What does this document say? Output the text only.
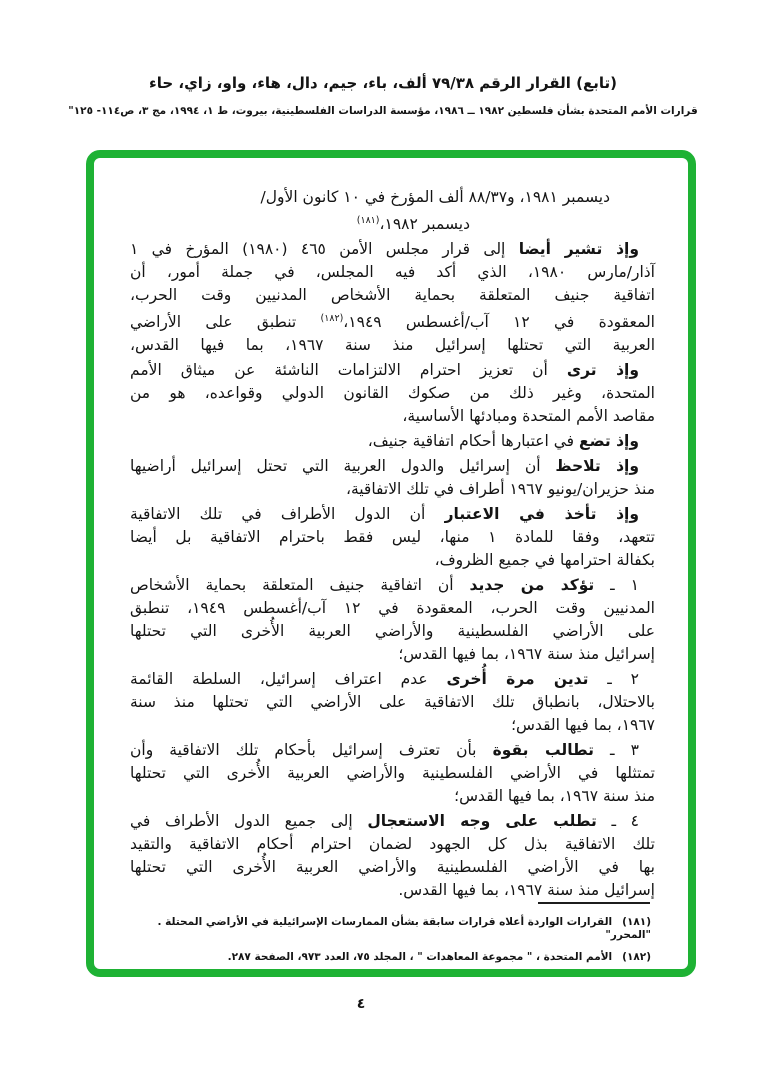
(تابع) القرار الرقم ٧٩/٣٨ ألف، باء، جيم، دال، هاء، واو، زاي، حاء
قرارات الأمم المتحدة بشأن فلسطين ١٩٨٢ ــ ١٩٨٦، مؤسسة الدراسات الفلسطينية، بيروت، ط ١، ١٩٩٤، مج ٣، ص١١٤- ١٢٥"
ديسمبر ١٩٨١، و٨٨/٣٧ ألف المؤرخ في ١٠ كانون الأول/
ديسمبر ١٩٨٢،$^{(١٨١)}$
وإذ تشير أيضا إلى قرار مجلس الأمن ٤٦٥ (١٩٨٠) المؤرخ في ١
آذار/مارس ١٩٨٠، الذي أكد فيه المجلس، في جملة أمور، أن
اتفاقية جنيف المتعلقة بحماية الأشخاص المدنيين وقت الحرب،
المعقودة في ١٢ آب/أغسطس ١٩٤٩،$^{(١٨٢)}$ تنطبق على الأراضي
العربية التي تحتلها إسرائيل منذ سنة ١٩٦٧، بما فيها القدس،
وإذ ترى أن تعزيز احترام الالتزامات الناشئة عن ميثاق الأمم
المتحدة، وغير ذلك من صكوك القانون الدولي وقواعده، هو من
مقاصد الأمم المتحدة ومبادئها الأساسية،
وإذ تضع في اعتبارها أحكام اتفاقية جنيف،
وإذ تلاحظ أن إسرائيل والدول العربية التي تحتل إسرائيل أراضيها
منذ حزيران/يونيو ١٩٦٧ أطراف في تلك الاتفاقية،
وإذ تأخذ في الاعتبار أن الدول الأطراف في تلك الاتفاقية
تتعهد، وفقا للمادة ١ منها، ليس فقط باحترام الاتفاقية بل أيضا
بكفالة احترامها في جميع الظروف،
١ ـ تؤكد من جديد أن اتفاقية جنيف المتعلقة بحماية الأشخاص
المدنيين وقت الحرب، المعقودة في ١٢ آب/أغسطس ١٩٤٩، تنطبق
على الأراضي الفلسطينية والأراضي العربية الأُخرى التي تحتلها
إسرائيل منذ سنة ١٩٦٧، بما فيها القدس؛
٢ ـ تدين مرة أُخرى عدم اعتراف إسرائيل، السلطة القائمة
بالاحتلال، بانطباق تلك الاتفاقية على الأراضي التي تحتلها منذ سنة
١٩٦٧، بما فيها القدس؛
٣ ـ تطالب بقوة بأن تعترف إسرائيل بأحكام تلك الاتفاقية وأن
تمتثلها في الأراضي الفلسطينية والأراضي العربية الأُخرى التي تحتلها
منذ سنة ١٩٦٧، بما فيها القدس؛
٤ ـ تطلب على وجه الاستعجال إلى جميع الدول الأطراف في
تلك الاتفاقية بذل كل الجهود لضمان احترام أحكام الاتفاقية والتقيد
بها في الأراضي الفلسطينية والأراضي العربية الأُخرى التي تحتلها
إسرائيل منذ سنة ١٩٦٧، بما فيها القدس.
(١٨١)القرارات الواردة أعلاه قرارات سابقة بشأن الممارسات الإسرائيلية في الأراضي المحتلة . "المحرر"
(١٨٢)الأمم المتحدة ، " مجموعة المعاهدات " ، المجلد ٧٥، العدد ٩٧٣، الصفحة ٢٨٧.
٤
